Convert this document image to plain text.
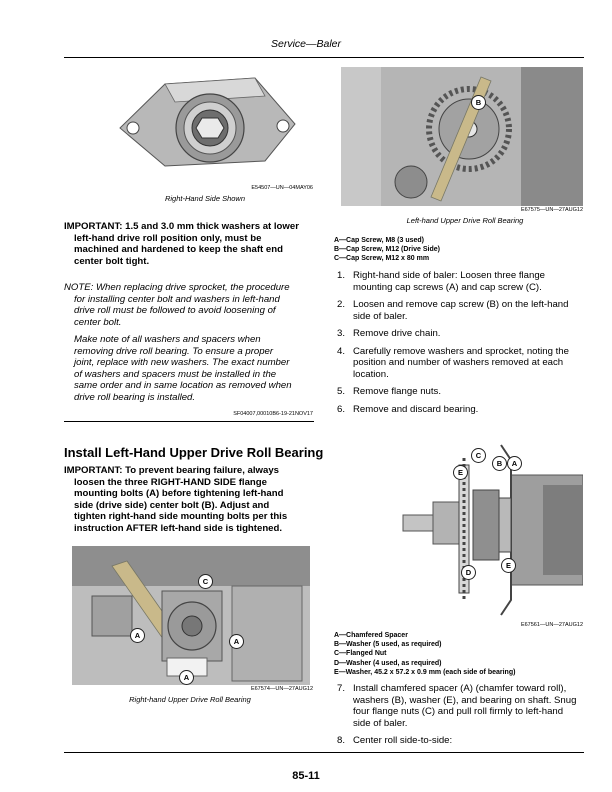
Service—Baler
E54507—UN—04MAY06
Right-Hand Side Shown
IMPORTANT: 1.5 and 3.0 mm thick washers at lower
left-hand drive roll position only, must be
machined and hardened to keep the shaft end
center bolt tight.

NOTE: When replacing drive sprocket, the procedure
for installing center bolt and washers in left-hand
drive roll must be followed to avoid loosening of
center bolt.

Make note of all washers and spacers when
removing drive roll bearing. To ensure a proper
joint, replace with new washers. The exact number
of washers and spacers must be installed in the
same order and in same location as removed when
drive roll bearing is installed.

SF04007,00010B6-19-21NOV17
Install Left-Hand Upper Drive Roll Bearing
IMPORTANT: To prevent bearing failure, always
loosen the three RIGHT-HAND SIDE flange
mounting bolts (A) before tightening left-hand
side (drive side) center bolt (B). Adjust and
tighten right-hand side mounting bolts per this
instruction AFTER left-hand side is tightened.
C
A
A
A
E67574—UN—27AUG12
Right-hand Upper Drive Roll Bearing
B
E67575—UN—27AUG12
Left-hand Upper Drive Roll Bearing
A—Cap Screw, M8 (3 used)
B—Cap Screw, M12 (Drive Side)
C—Cap Screw, M12 x 80 mm
1. Right-hand side of baler: Loosen three flange mounting cap screws (A) and cap screw (C).
2. Loosen and remove cap screw (B) on the left-hand side of baler.
3. Remove drive chain.
4. Carefully remove washers and sprocket, noting the position and number of washers removed at each location.
5. Remove flange nuts.
6. Remove and discard bearing.
C
E
B	A
D
E
E67561—UN—27AUG12
A—Chamfered Spacer
B—Washer (5 used, as required)
C—Flanged Nut
D—Washer (4 used, as required)
E—Washer, 45.2 x 57.2 x 0.9 mm (each side of bearing)
7. Install chamfered spacer (A) (chamfer toward roll), washers (B), washer (E), and bearing on shaft. Snug four flange nuts (C) and pull roll firmly to left-hand side of baler.
8. Center roll side-to-side:
85-11
